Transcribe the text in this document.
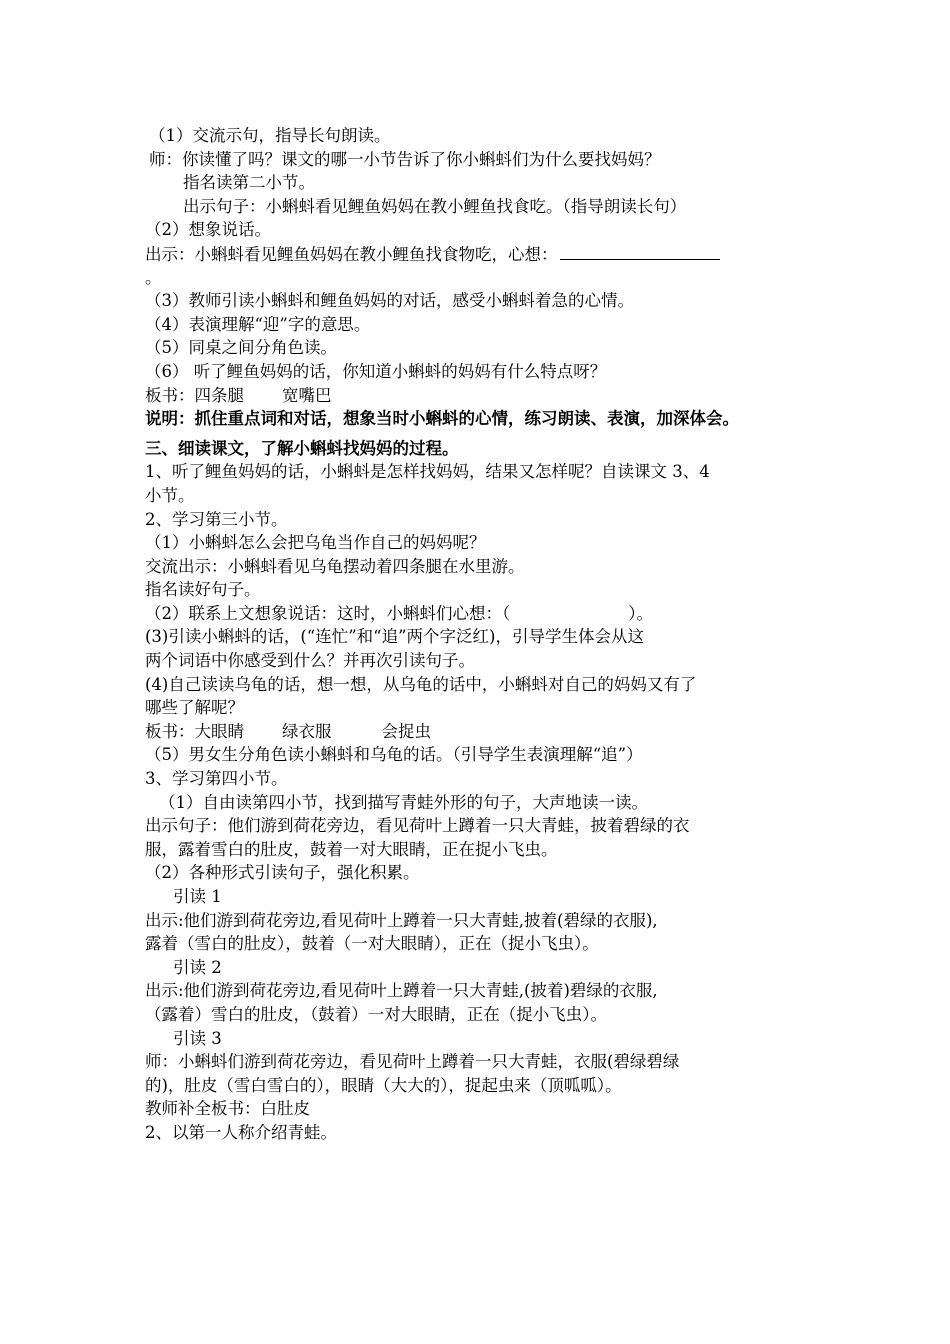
（1）交流示句，指导长句朗读。
师：你读懂了吗？课文的哪一小节告诉了你小蝌蚪们为什么要找妈妈？
指名读第二小节。
出示句子：小蝌蚪看见鲤鱼妈妈在教小鲤鱼找食吃。（指导朗读长句）
（2）想象说话。
出示：小蝌蚪看见鲤鱼妈妈在教小鲤鱼找食物吃，心想：
。
（3）教师引读小蝌蚪和鲤鱼妈妈的对话，感受小蝌蚪着急的心情。
（4）表演理解“迎”字的意思。
（5）同桌之间分角色读。
（6） 听了鲤鱼妈妈的话，你知道小蝌蚪的妈妈有什么特点呀？
板书：四条腿 宽嘴巴
说明：抓住重点词和对话，想象当时小蝌蚪的心情，练习朗读、表演，加深体会。
三、细读课文，了解小蝌蚪找妈妈的过程。
1、听了鲤鱼妈妈的话，小蝌蚪是怎样找妈妈，结果又怎样呢？自读课文 3、4
小节。
2、学习第三小节。
（1）小蝌蚪怎么会把乌龟当作自己的妈妈呢？
交流出示：小蝌蚪看见乌龟摆动着四条腿在水里游。
指名读好句子。
（2）联系上文想象说话：这时，小蝌蚪们心想：（	）。
(3)引读小蝌蚪的话，(“连忙”和“追”两个字泛红)，引导学生体会从这
两个词语中你感受到什么？并再次引读句子。
(4)自己读读乌龟的话，想一想，从乌龟的话中，小蝌蚪对自己的妈妈又有了
哪些了解呢？
板书：大眼睛 绿衣服	会捉虫
（5）男女生分角色读小蝌蚪和乌龟的话。（引导学生表演理解“追”）
3、学习第四小节。
（1）自由读第四小节，找到描写青蛙外形的句子，大声地读一读。
出示句子：他们游到荷花旁边，看见荷叶上蹲着一只大青蛙，披着碧绿的衣
服，露着雪白的肚皮，鼓着一对大眼睛，正在捉小飞虫。
（2）各种形式引读句子，强化积累。
引读 1
出示:他们游到荷花旁边,看见荷叶上蹲着一只大青蛙,披着(碧绿的衣服),
露着（雪白的肚皮），鼓着（一对大眼睛），正在（捉小飞虫）。
引读 2
出示:他们游到荷花旁边,看见荷叶上蹲着一只大青蛙,(披着)碧绿的衣服,
（露着）雪白的肚皮，（鼓着）一对大眼睛，正在（捉小飞虫）。
引读 3
师：小蝌蚪们游到荷花旁边，看见荷叶上蹲着一只大青蛙，衣服(碧绿碧绿
的)，肚皮（雪白雪白的），眼睛（大大的），捉起虫来（顶呱呱）。
教师补全板书：白肚皮
2、以第一人称介绍青蛙。
